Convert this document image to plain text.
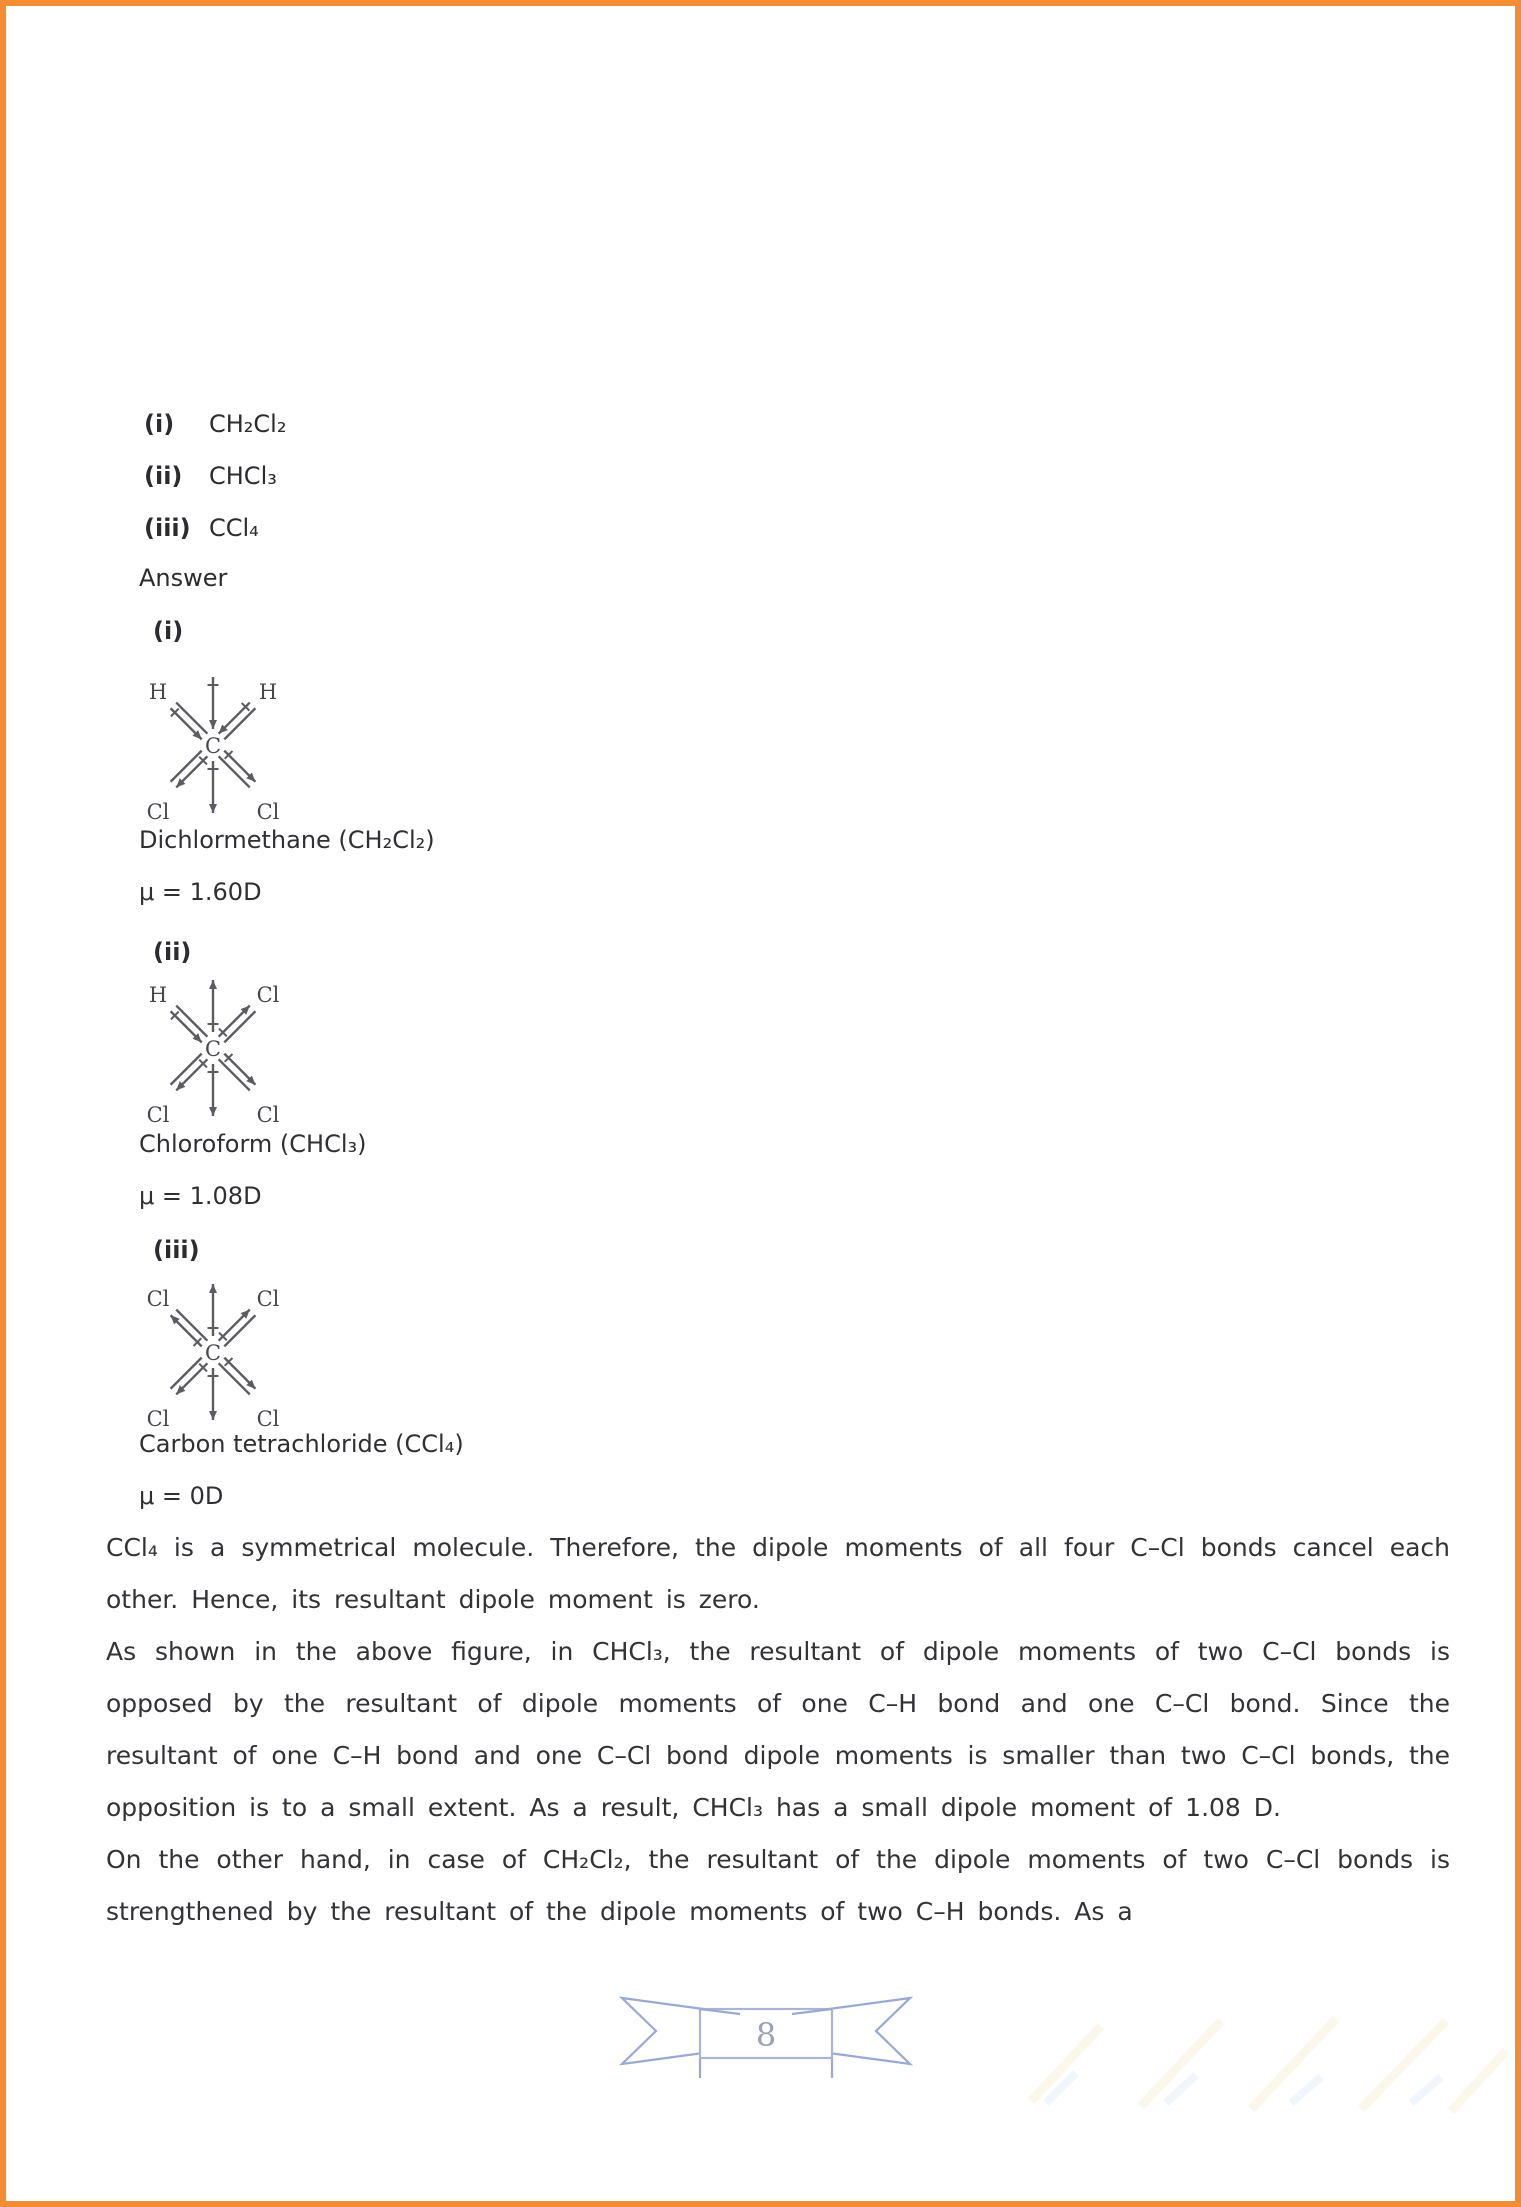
(i)	CH₂Cl₂
(ii)	CHCl₃
(iii) CCl₄
Answer
(i)
H	H
C
Cl	Cl
Dichlormethane (CH₂Cl₂)
μ = 1.60D
(ii)
H	Cl
C
Cl	Cl
Chloroform (CHCl₃)
μ = 1.08D
(iii)
Cl	Cl
C
Cl	Cl
Carbon tetrachloride (CCl₄)
μ = 0D

CCl₄ is a symmetrical molecule. Therefore, the dipole moments of all four C–Cl bonds cancel each other. Hence, its resultant dipole moment is zero.

As shown in the above figure, in CHCl₃, the resultant of dipole moments of two C–Cl bonds is opposed by the resultant of dipole moments of one C–H bond and one C–Cl bond. Since the resultant of one C–H bond and one C–Cl bond dipole moments is smaller than two C–Cl bonds, the opposition is to a small extent. As a result, CHCl₃ has a small dipole moment of 1.08 D.

On the other hand, in case of CH₂Cl₂, the resultant of the dipole moments of two C–Cl bonds is strengthened by the resultant of the dipole moments of two C–H bonds. As a

8
